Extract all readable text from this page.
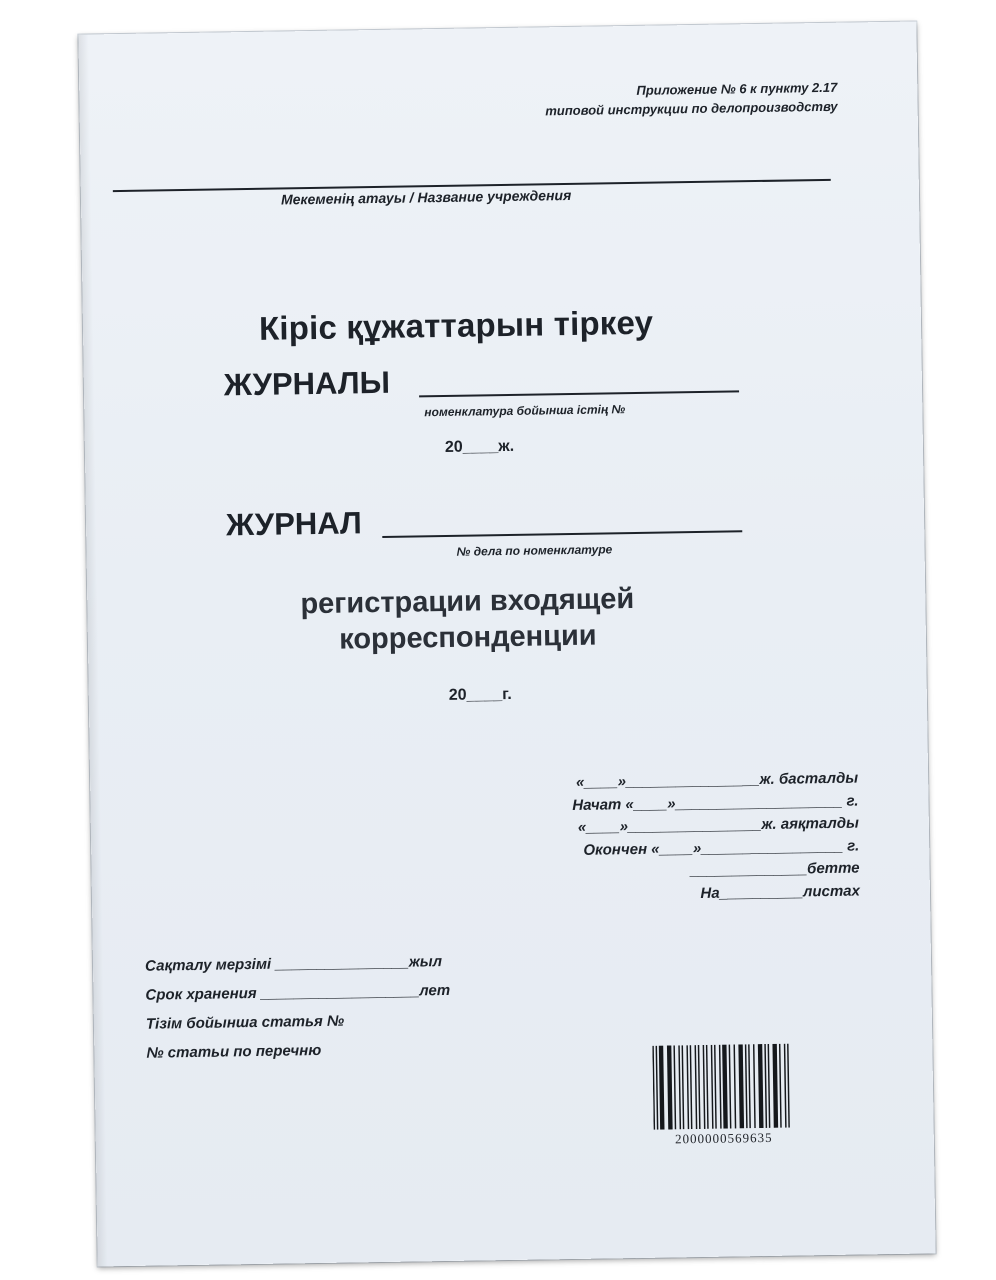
Приложение № 6 к пункту 2.17
типовой инструкции по делопроизводству
Мекеменің атауы / Название учреждения
Кіріс құжаттарын тіркеу
ЖУРНАЛЫ
номенклатура бойынша істің №
20____ж.
ЖУРНАЛ
№ дела по номенклатуре
регистрации входящей
корреспонденции
20____г.
«____»________________ж. басталды
Начат «____»____________________ г.
«____»________________ж. аяқталды
Окончен «____»_________________ г.
______________бетте
На__________листах
Сақталу мерзімі ________________жыл
Срок хранения ___________________лет
Тізім бойынша статья №
№ статьи по перечню
2000000569635
